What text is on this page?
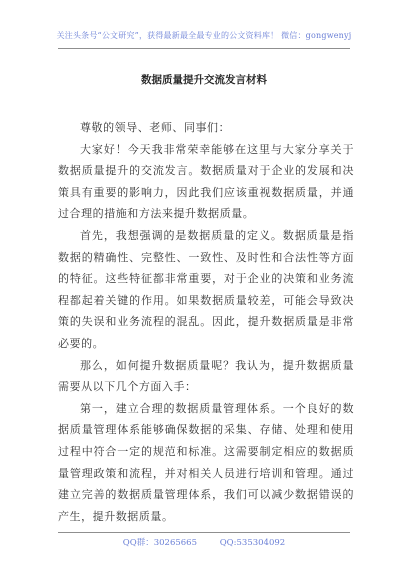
关注头条号“公文研究”，获得最新最全最专业的公文资料库！ 微信：gongwenyj
数据质量提升交流发言材料

尊敬的领导、老师、同事们：

大家好！今天我非常荣幸能够在这里与大家分享关于数据质量提升的交流发言。数据质量对于企业的发展和决策具有重要的影响力，因此我们应该重视数据质量，并通过合理的措施和方法来提升数据质量。

首先，我想强调的是数据质量的定义。数据质量是指数据的精确性、完整性、一致性、及时性和合法性等方面的特征。这些特征都非常重要，对于企业的决策和业务流程都起着关键的作用。如果数据质量较差，可能会导致决策的失误和业务流程的混乱。因此，提升数据质量是非常必要的。

那么，如何提升数据质量呢？我认为，提升数据质量需要从以下几个方面入手：

第一，建立合理的数据质量管理体系。一个良好的数据质量管理体系能够确保数据的采集、存储、处理和使用过程中符合一定的规范和标准。这需要制定相应的数据质量管理政策和流程，并对相关人员进行培训和管理。通过建立完善的数据质量管理体系，我们可以减少数据错误的产生，提升数据质量。

QQ群：30265665	QQ:535304092
